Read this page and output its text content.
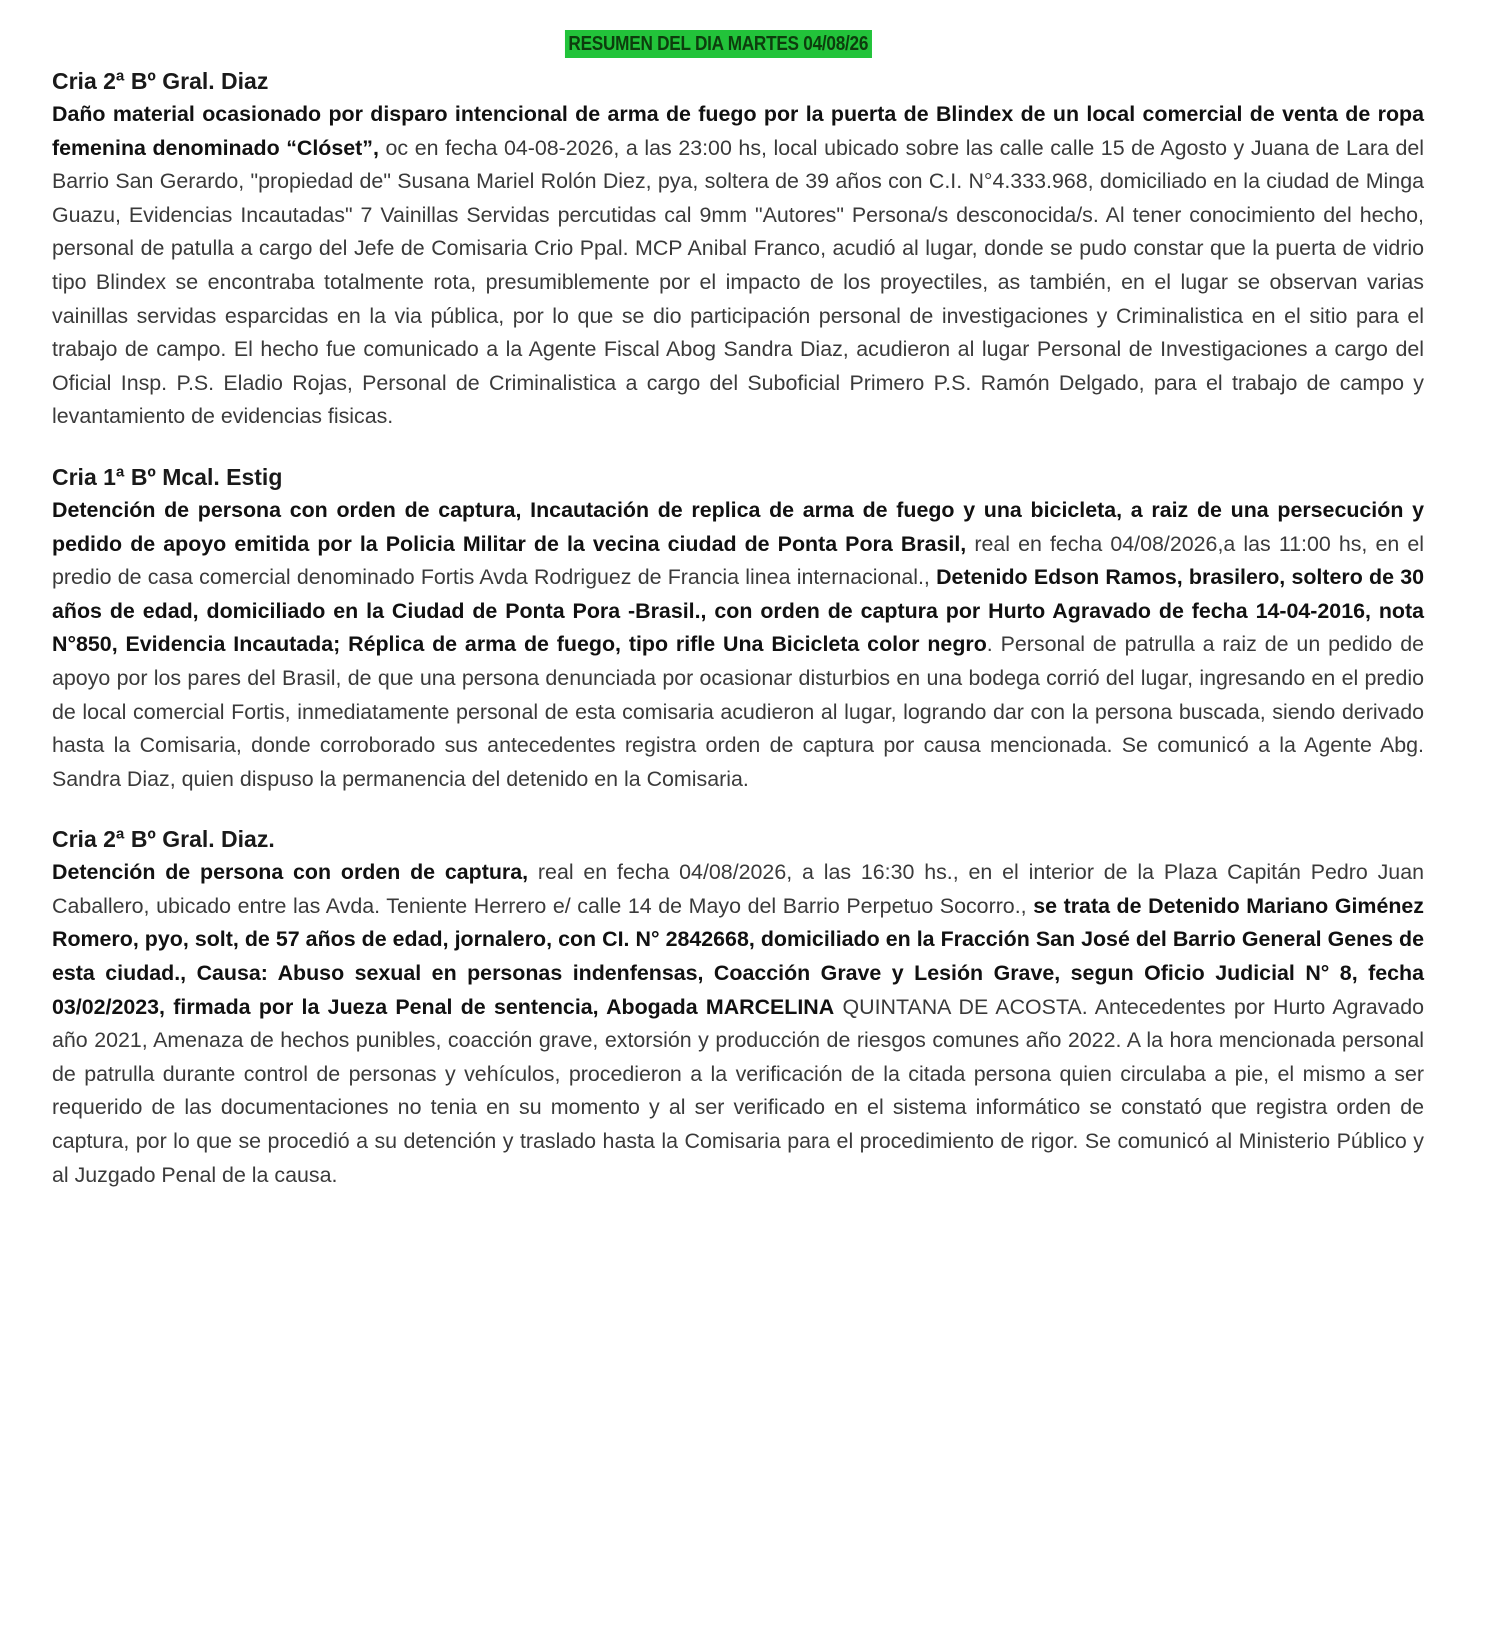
RESUMEN DEL DIA MARTES 04/08/26

Cria 2ª Bº Gral. Diaz

Daño material ocasionado por disparo intencional de arma de fuego por la puerta de Blindex de un local comercial de venta de ropa femenina denominado “Clóset”, oc en fecha 04-08-2026, a las 23:00 hs, local ubicado sobre las calle calle 15 de Agosto y Juana de Lara del Barrio San Gerardo, "propiedad de" Susana Mariel Rolón Diez, pya, soltera de 39 años con C.I. N°4.333.968, domiciliado en la ciudad de Minga Guazu, Evidencias Incautadas" 7 Vainillas Servidas percutidas cal 9mm "Autores" Persona/s desconocida/s. Al tener conocimiento del hecho, personal de patulla a cargo del Jefe de Comisaria Crio Ppal. MCP Anibal Franco, acudió al lugar, donde se pudo constar que la puerta de vidrio tipo Blindex se encontraba totalmente rota, presumiblemente por el impacto de los proyectiles, as también, en el lugar se observan varias vainillas servidas esparcidas en la via pública, por lo que se dio participación personal de investigaciones y Criminalistica en el sitio para el trabajo de campo. El hecho fue comunicado a la Agente Fiscal Abog Sandra Diaz, acudieron al lugar Personal de Investigaciones a cargo del Oficial Insp. P.S. Eladio Rojas, Personal de Criminalistica a cargo del Suboficial Primero P.S. Ramón Delgado, para el trabajo de campo y levantamiento de evidencias fisicas.

Cria 1ª Bº Mcal. Estig

Detención de persona con orden de captura, Incautación de replica de arma de fuego y una bicicleta, a raiz de una persecución y pedido de apoyo emitida por la Policia Militar de la vecina ciudad de Ponta Pora Brasil, real en fecha 04/08/2026,a las 11:00 hs, en el predio de casa comercial denominado Fortis Avda Rodriguez de Francia linea internacional., Detenido Edson Ramos, brasilero, soltero de 30 años de edad, domiciliado en la Ciudad de Ponta Pora -Brasil., con orden de captura por Hurto Agravado de fecha 14-04-2016, nota N°850, Evidencia Incautada; Réplica de arma de fuego, tipo rifle Una Bicicleta color negro. Personal de patrulla a raiz de un pedido de apoyo por los pares del Brasil, de que una persona denunciada por ocasionar disturbios en una bodega corrió del lugar, ingresando en el predio de local comercial Fortis, inmediatamente personal de esta comisaria acudieron al lugar, logrando dar con la persona buscada, siendo derivado hasta la Comisaria, donde corroborado sus antecedentes registra orden de captura por causa mencionada. Se comunicó a la Agente Abg. Sandra Diaz, quien dispuso la permanencia del detenido en la Comisaria.

Cria 2ª Bº Gral. Diaz.

Detención de persona con orden de captura, real en fecha 04/08/2026, a las 16:30 hs., en el interior de la Plaza Capitán Pedro Juan Caballero, ubicado entre las Avda. Teniente Herrero e/ calle 14 de Mayo del Barrio Perpetuo Socorro., se trata de Detenido Mariano Giménez Romero, pyo, solt, de 57 años de edad, jornalero, con CI. N° 2842668, domiciliado en la Fracción San José del Barrio General Genes de esta ciudad., Causa: Abuso sexual en personas indenfensas, Coacción Grave y Lesión Grave, segun Oficio Judicial N° 8, fecha 03/02/2023, firmada por la Jueza Penal de sentencia, Abogada MARCELINA QUINTANA DE ACOSTA. Antecedentes por Hurto Agravado año 2021, Amenaza de hechos punibles, coacción grave, extorsión y producción de riesgos comunes año 2022. A la hora mencionada personal de patrulla durante control de personas y vehículos, procedieron a la verificación de la citada persona quien circulaba a pie, el mismo a ser requerido de las documentaciones no tenia en su momento y al ser verificado en el sistema informático se constató que registra orden de captura, por lo que se procedió a su detención y traslado hasta la Comisaria para el procedimiento de rigor. Se comunicó al Ministerio Público y al Juzgado Penal de la causa.
